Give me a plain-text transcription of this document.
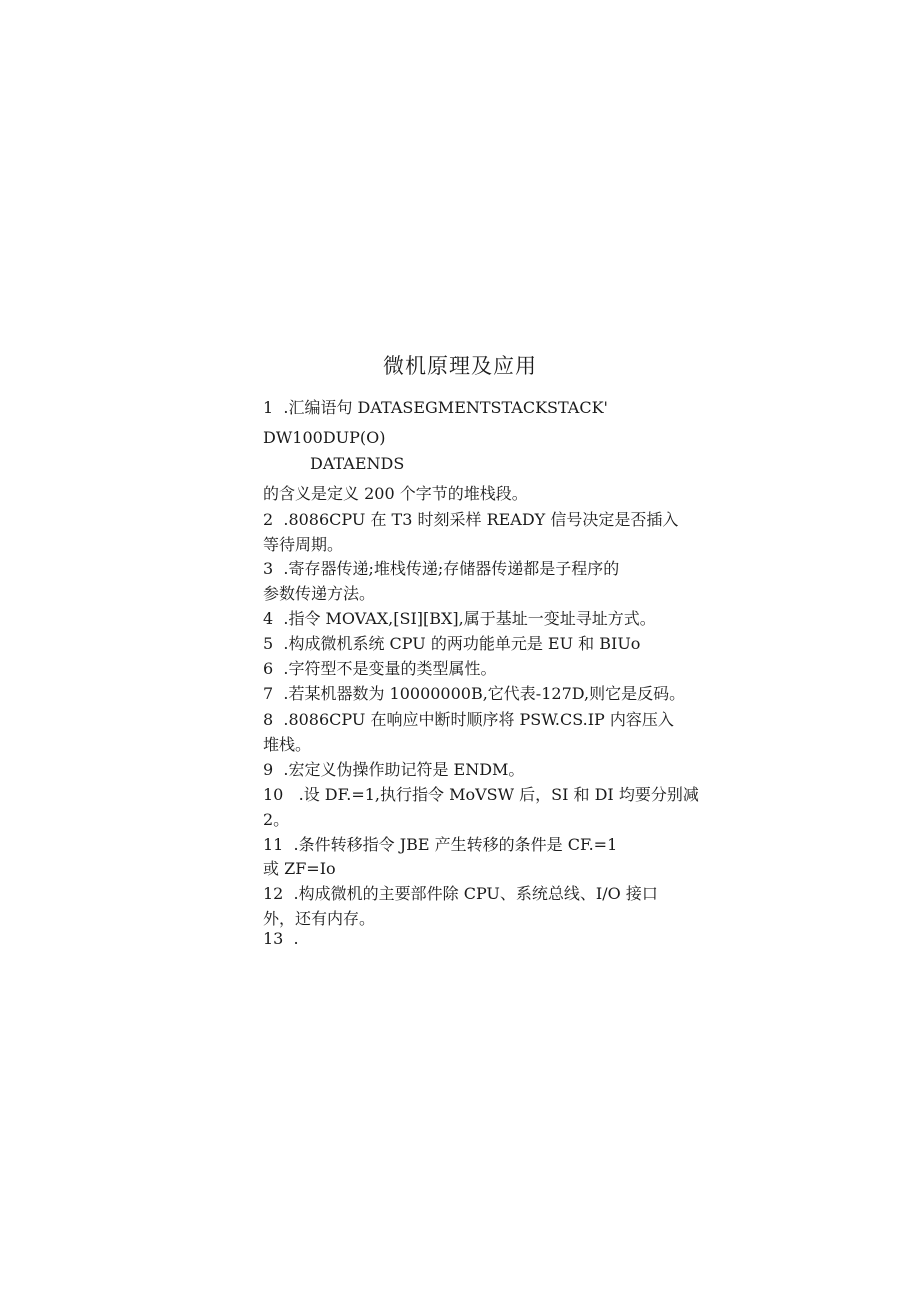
微机原理及应用
1  .汇编语句 DATASEGMENTSTACKSTACK'
DW100DUP(O)
DATAENDS
的含义是定义 200 个字节的堆栈段。
2  .8086CPU 在 T3 时刻采样 READY 信号决定是否插入
等待周期。
3  .寄存器传递;堆栈传递;存储器传递都是子程序的
参数传递方法。
4  .指令 MOVAX,[SI][BX],属于基址一变址寻址方式。
5  .构成微机系统 CPU 的两功能单元是 EU 和 BIUo
6  .字符型不是变量的类型属性。
7  .若某机器数为 10000000B,它代表-127D,则它是反码。
8  .8086CPU 在响应中断时顺序将 PSW.CS.IP 内容压入
堆栈。
9  .宏定义伪操作助记符是 ENDM。
10   .设 DF.=1,执行指令 MoVSW 后，SI 和 DI 均要分别减
2。
11  .条件转移指令 JBE 产生转移的条件是 CF.=1
或 ZF=Io
12  .构成微机的主要部件除 CPU、系统总线、I/O 接口
外，还有内存。
13  .
